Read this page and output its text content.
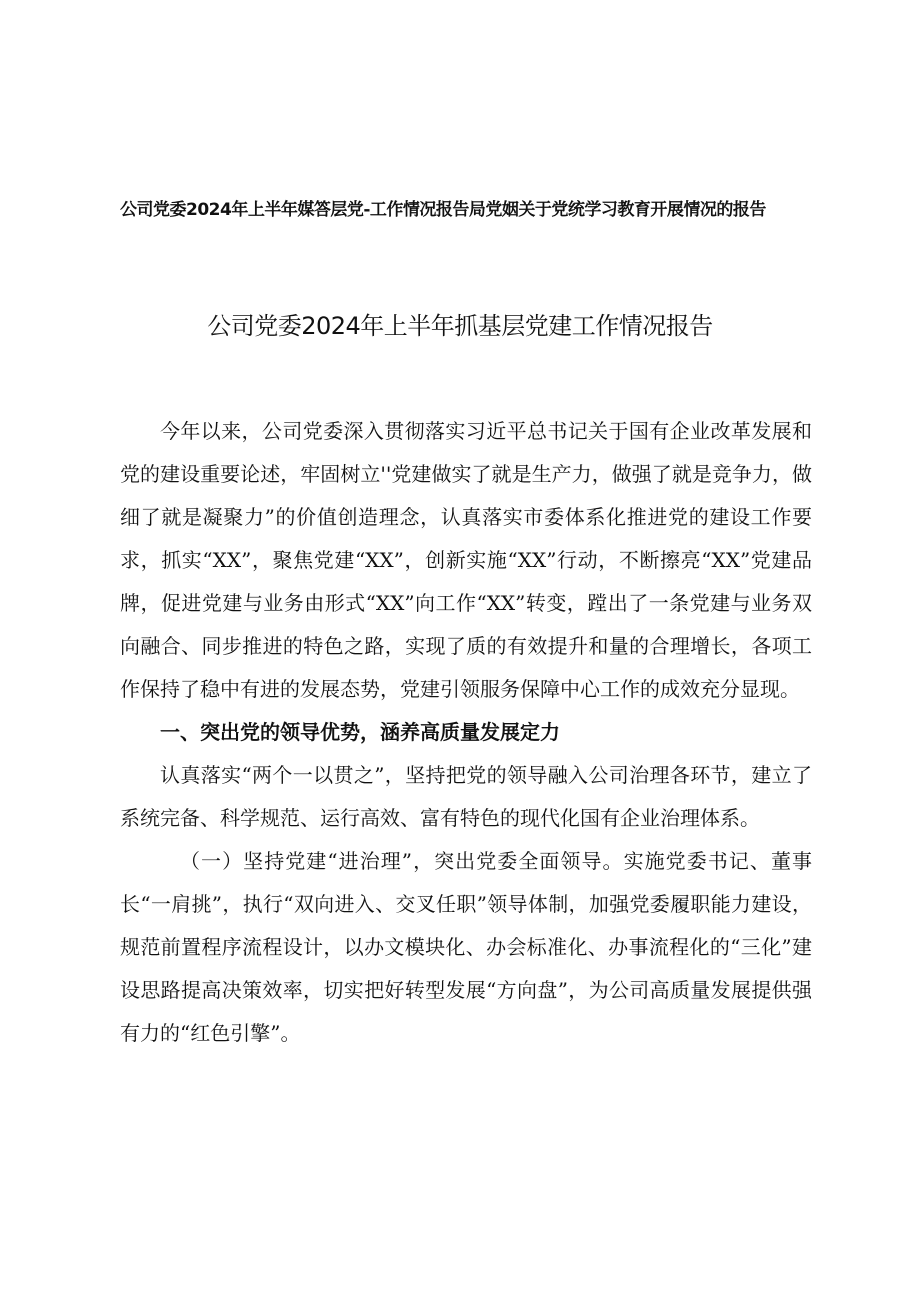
公司党委2024年上半年媒答层党-工作情况报告局党姻关于党统学习教育开展情况的报告
公司党委2024年上半年抓基层党建工作情况报告

今年以来，公司党委深入贯彻落实习近平总书记关于国有企业改革发展和党的建设重要论述，牢固树立''党建做实了就是生产力，做强了就是竞争力，做细了就是凝聚力”的价值创造理念，认真落实市委体系化推进党的建设工作要求，抓实“XX”，聚焦党建“XX”，创新实施“XX”行动，不断擦亮“XX”党建品牌，促进党建与业务由形式“XX”向工作“XX”转变，蹚出了一条党建与业务双向融合、同步推进的特色之路，实现了质的有效提升和量的合理增长，各项工作保持了稳中有进的发展态势，党建引领服务保障中心工作的成效充分显现。

一、突出党的领导优势，涵养高质量发展定力

认真落实“两个一以贯之”，坚持把党的领导融入公司治理各环节，建立了系统完备、科学规范、运行高效、富有特色的现代化国有企业治理体系。

（一）坚持党建“进治理”，突出党委全面领导。实施党委书记、董事长“一肩挑”，执行“双向进入、交叉任职”领导体制，加强党委履职能力建设，规范前置程序流程设计，以办文模块化、办会标准化、办事流程化的“三化”建设思路提高决策效率，切实把好转型发展“方向盘”，为公司高质量发展提供强有力的“红色引擎”。
